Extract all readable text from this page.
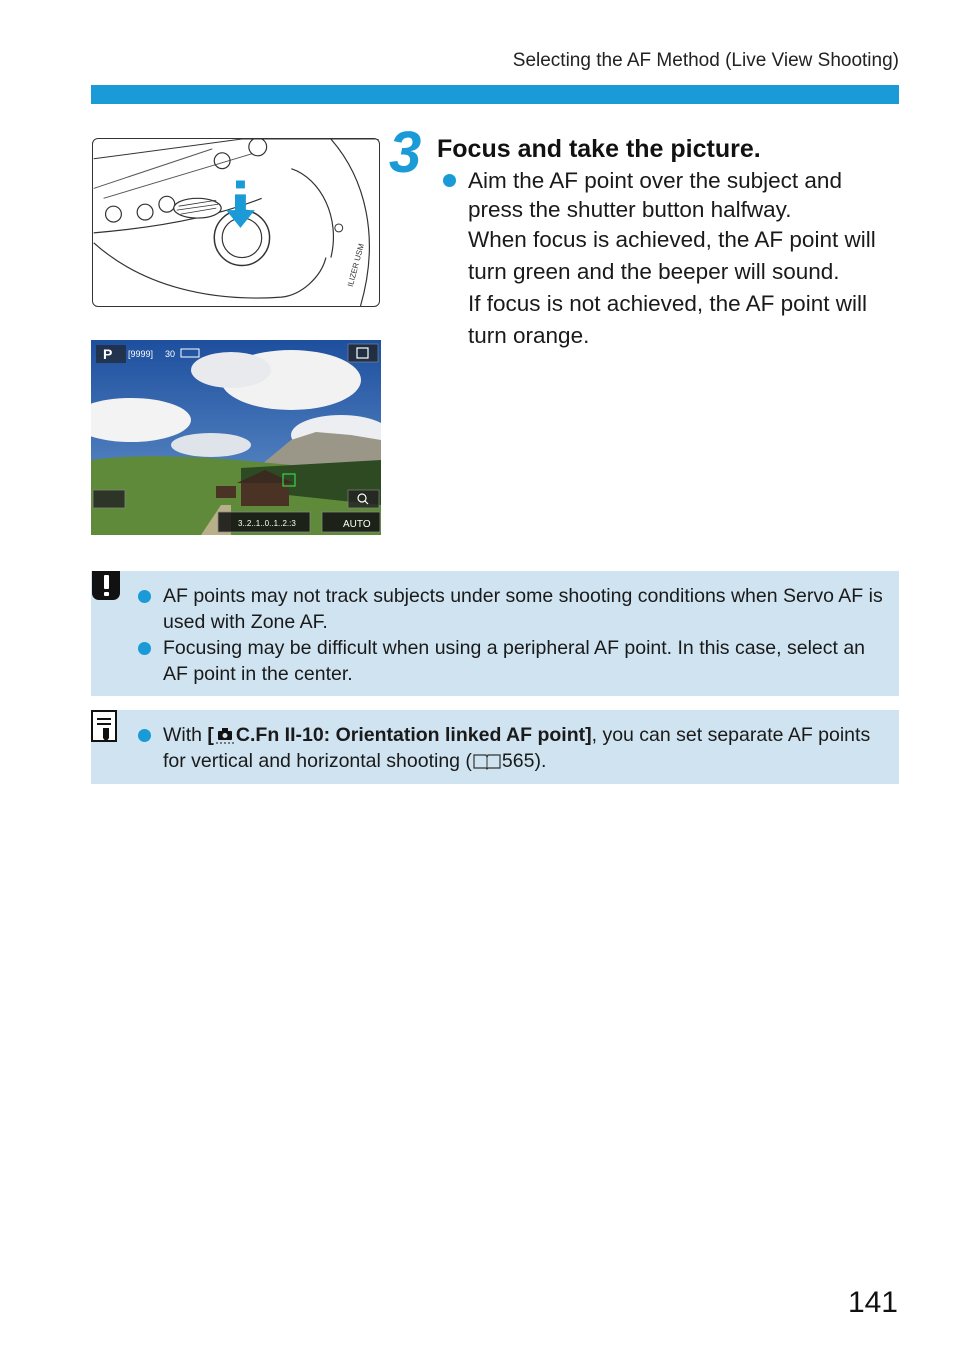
Selecting the AF Method (Live View Shooting)
ILIZER USM
P [9999] 30
3..2..1..0..1..2.:3	AUTO
3 Focus and take the picture.
Aim the AF point over the subject and press the shutter button halfway.
When focus is achieved, the AF point will turn green and the beeper will sound.
If focus is not achieved, the AF point will turn orange.
AF points may not track subjects under some shooting conditions when Servo AF is used with Zone AF.
Focusing may be difficult when using a peripheral AF point. In this case, select an AF point in the center.
With [ C.Fn II-10: Orientation linked AF point], you can set separate AF points for vertical and horizontal shooting ( 565).
141
